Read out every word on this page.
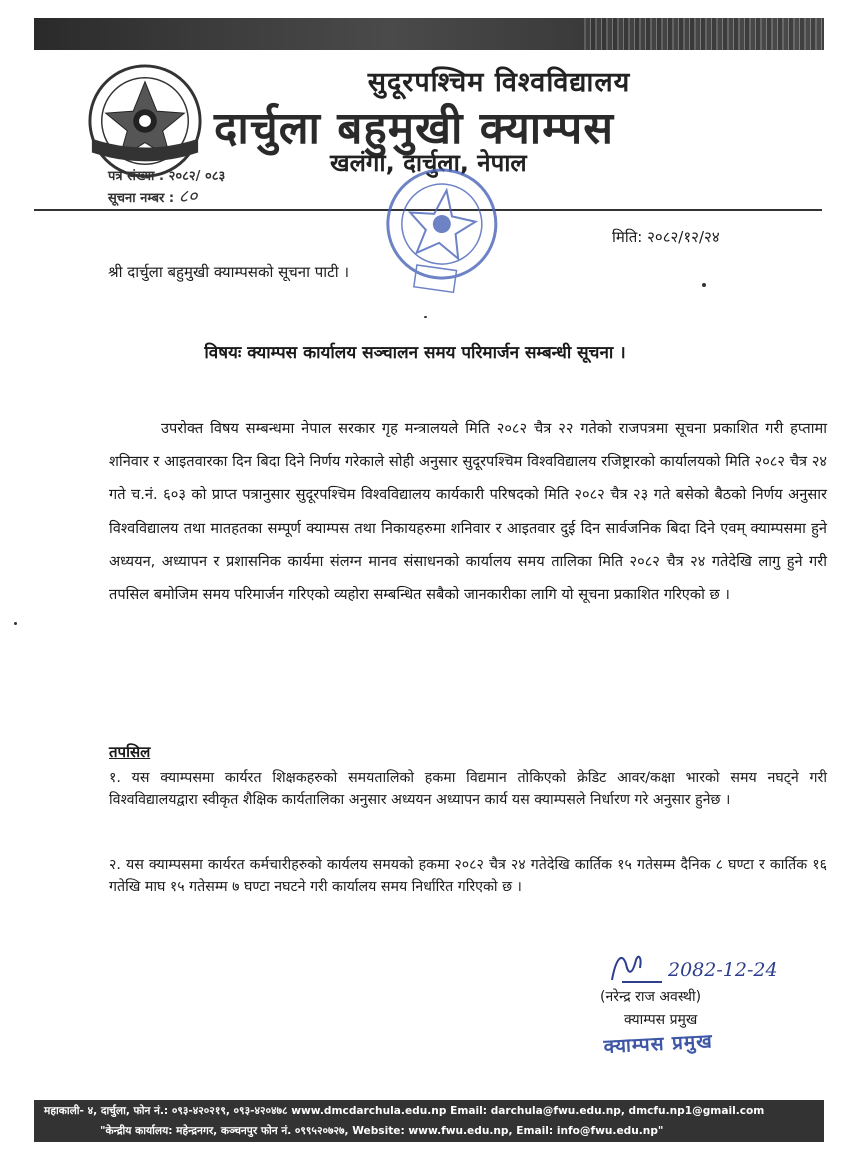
सुदूरपश्चिम विश्वविद्यालय
दार्चुला बहुमुखी क्याम्पस
खलंगा, दार्चुला, नेपाल
पत्र संख्या : २०८२/ ०८३
सूचना नम्बर : ८०
मिति: २०८२/१२/२४
श्री दार्चुला बहुमुखी क्याम्पसको सूचना पाटी ।
विषयः क्याम्पस कार्यालय सञ्चालन समय परिमार्जन सम्बन्धी सूचना ।

उपरोक्त विषय सम्बन्धमा नेपाल सरकार गृह मन्त्रालयले मिति २०८२ चैत्र २२ गतेको राजपत्रमा सूचना प्रकाशित गरी हप्तामा शनिवार र आइतवारका दिन बिदा दिने निर्णय गरेकाले सोही अनुसार सुदूरपश्चिम विश्वविद्यालय रजिष्ट्रारको कार्यालयको मिति २०८२ चैत्र २४ गते च.नं. ६०३ को प्राप्त पत्रानुसार सुदूरपश्चिम विश्वविद्यालय कार्यकारी परिषदको मिति २०८२ चैत्र २३ गते बसेको बैठको निर्णय अनुसार विश्वविद्यालय तथा मातहतका सम्पूर्ण क्याम्पस तथा निकायहरुमा शनिवार र आइतवार दुई दिन सार्वजनिक बिदा दिने एवम् क्याम्पसमा हुने अध्ययन, अध्यापन र प्रशासनिक कार्यमा संलग्न मानव संसाधनको कार्यालय समय तालिका मिति २०८२ चैत्र २४ गतेदेखि लागु हुने गरी तपसिल बमोजिम समय परिमार्जन गरिएको व्यहोरा सम्बन्धित सबैको जानकारीका लागि यो सूचना प्रकाशित गरिएको छ ।

तपसिल

१. यस क्याम्पसमा कार्यरत शिक्षकहरुको समयतालिको हकमा विद्यमान तोकिएको क्रेडिट आवर/कक्षा भारको समय नघट्ने गरी विश्वविद्यालयद्वारा स्वीकृत शैक्षिक कार्यतालिका अनुसार अध्ययन अध्यापन कार्य यस क्याम्पसले निर्धारण गरे अनुसार हुनेछ ।

२. यस क्याम्पसमा कार्यरत कर्मचारीहरुको कार्यलय समयको हकमा २०८२ चैत्र २४ गतेदेखि कार्तिक १५ गतेसम्म दैनिक ८ घण्टा र कार्तिक १६ गतेखि माघ १५ गतेसम्म ७ घण्टा नघटने गरी कार्यालय समय निर्धारित गरिएको छ ।

2082-12-24
(नरेन्द्र राज अवस्थी)
क्याम्पस प्रमुख
क्याम्पस प्रमुख
महाकाली- ४, दार्चुला, फोन नं.: ०९३-४२०२१९, ०९३-४२०४७८ www.dmcdarchula.edu.np Email: darchula@fwu.edu.np, dmcfu.np1@gmail.com
"केन्द्रीय कार्यालय: महेन्द्रनगर, कञ्चनपुर फोन नं. ०९९५२०७२७, Website: www.fwu.edu.np, Email: info@fwu.edu.np"
